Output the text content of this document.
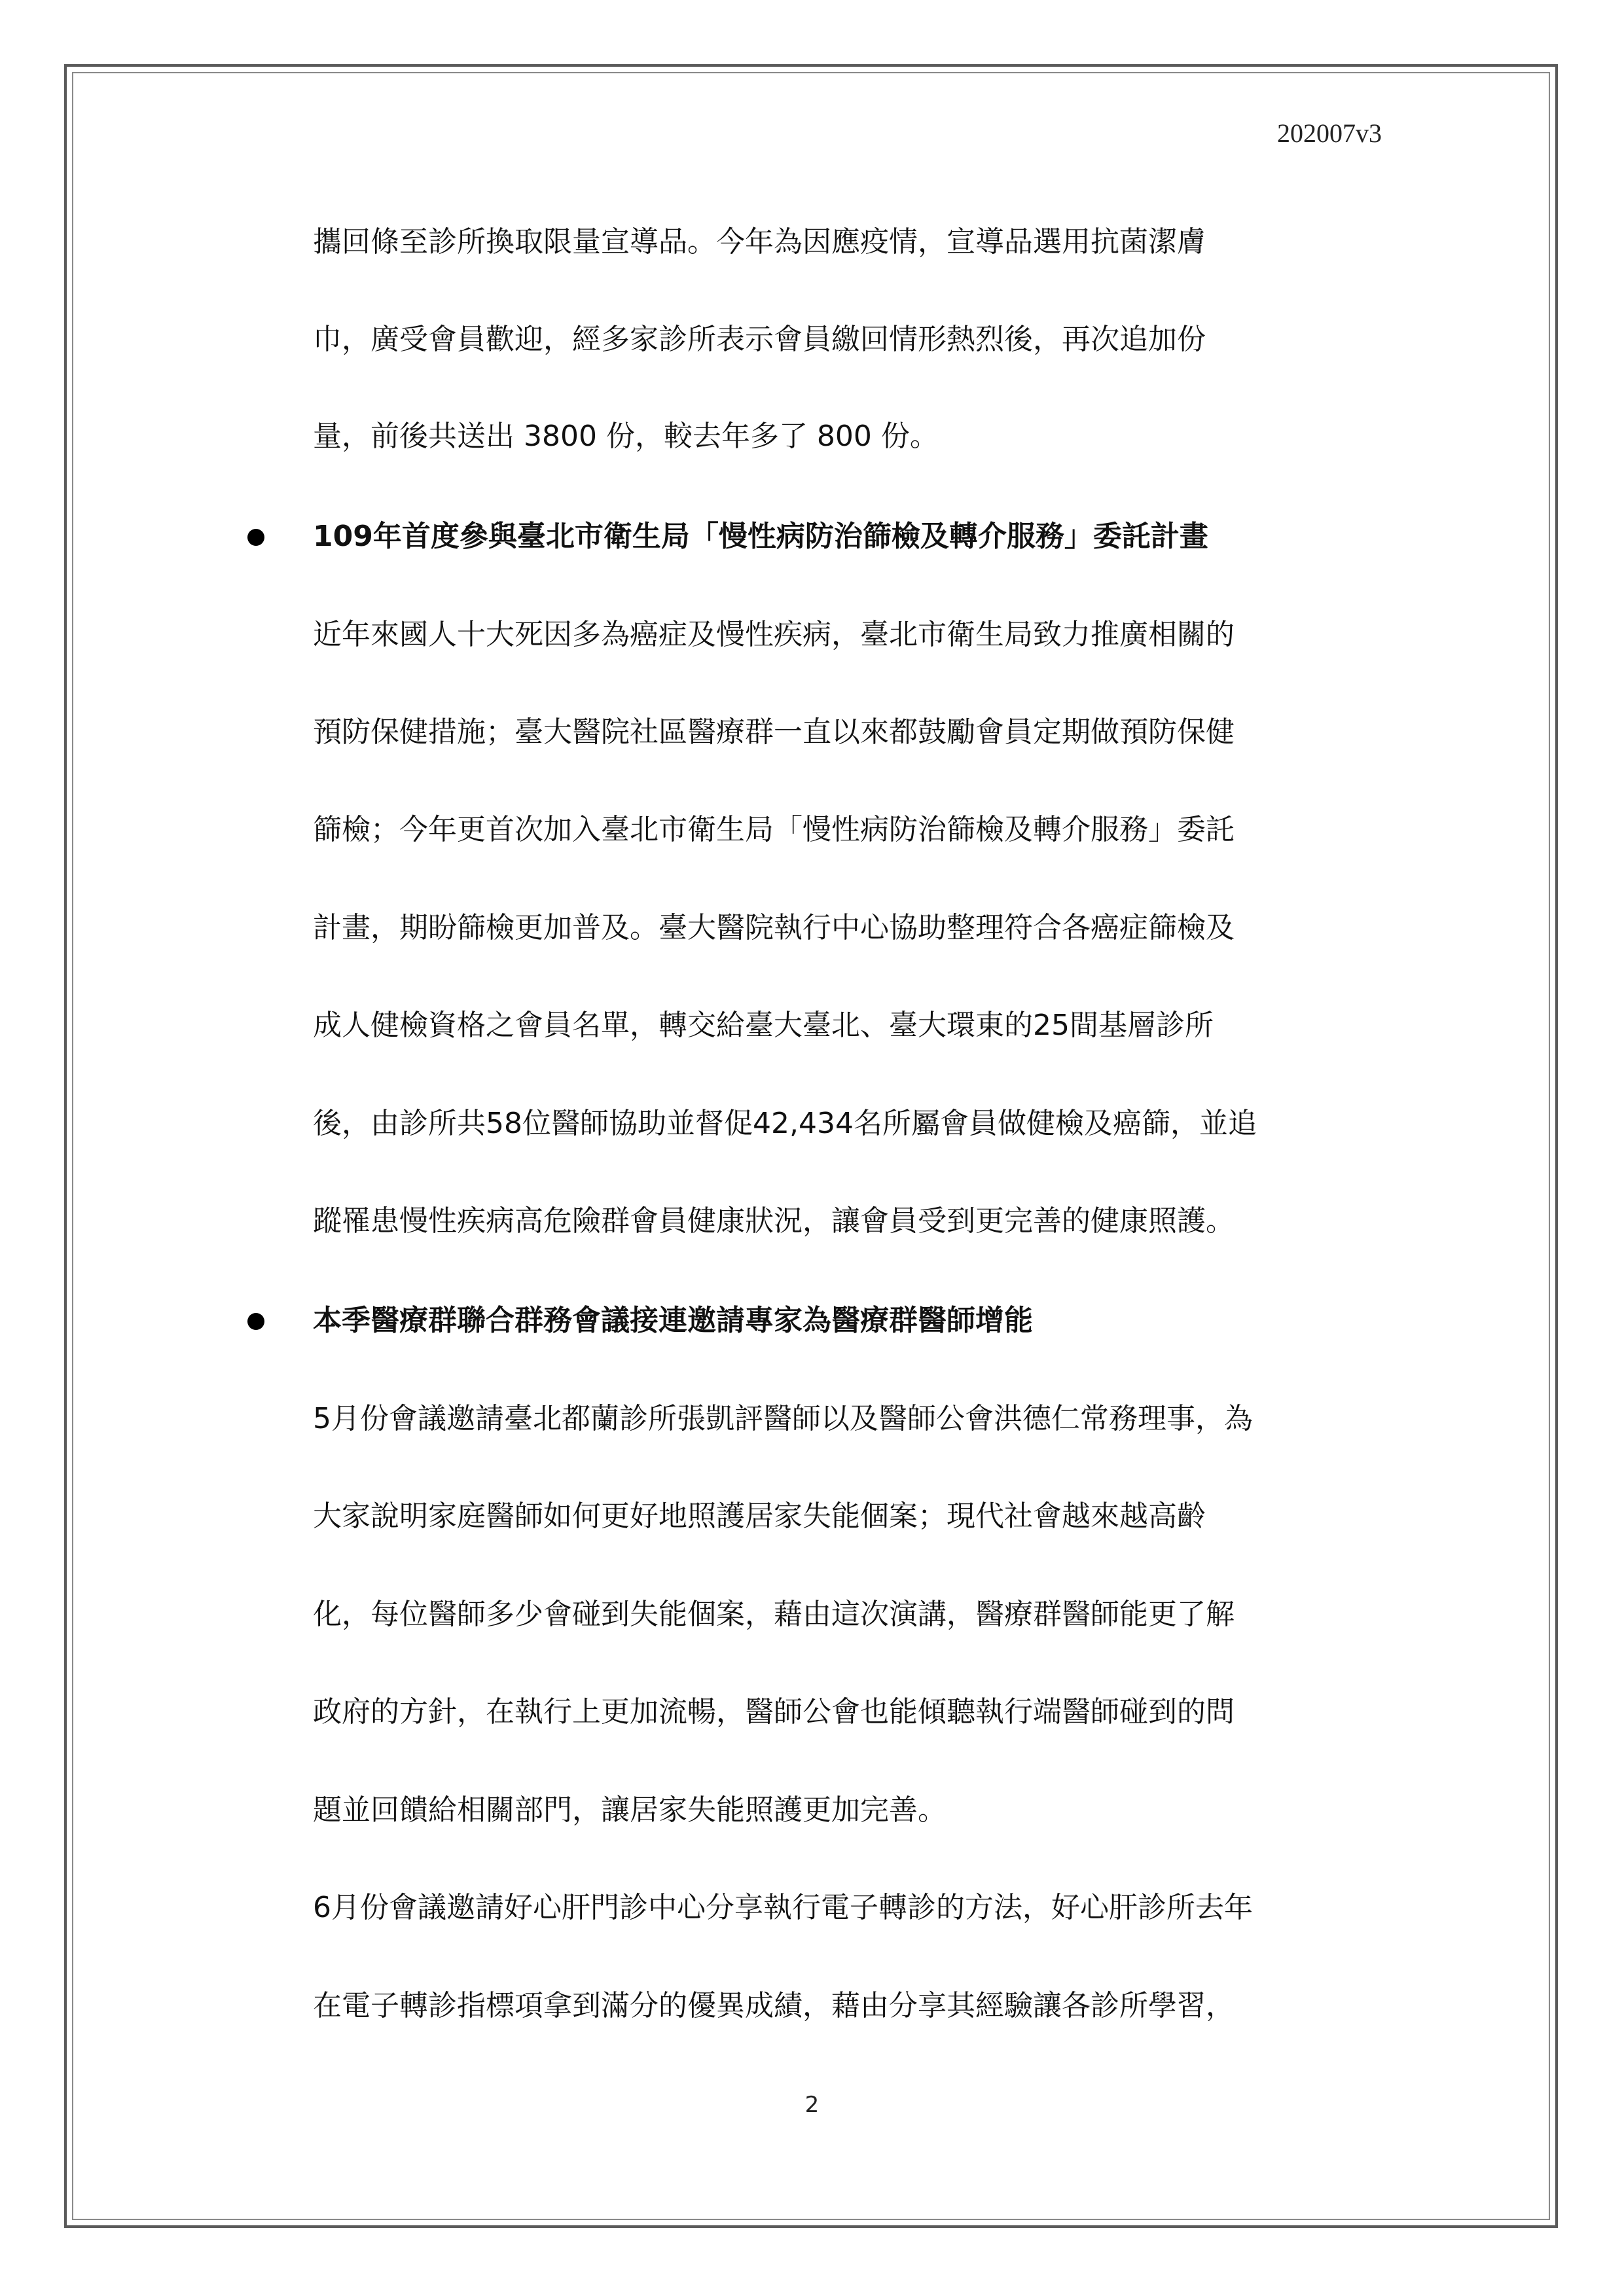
202007v3
攜回條至診所換取限量宣導品。今年為因應疫情，宣導品選用抗菌潔膚
巾，廣受會員歡迎，經多家診所表示會員繳回情形熱烈後，再次追加份
量，前後共送出 3800 份，較去年多了 800 份。
109年首度參與臺北市衛生局「慢性病防治篩檢及轉介服務」委託計畫
近年來國人十大死因多為癌症及慢性疾病，臺北市衛生局致力推廣相關的
預防保健措施；臺大醫院社區醫療群一直以來都鼓勵會員定期做預防保健
篩檢；今年更首次加入臺北市衛生局「慢性病防治篩檢及轉介服務」委託
計畫，期盼篩檢更加普及。臺大醫院執行中心協助整理符合各癌症篩檢及
成人健檢資格之會員名單，轉交給臺大臺北、臺大環東的25間基層診所
後，由診所共58位醫師協助並督促42,434名所屬會員做健檢及癌篩，並追
蹤罹患慢性疾病高危險群會員健康狀況，讓會員受到更完善的健康照護。
本季醫療群聯合群務會議接連邀請專家為醫療群醫師增能
5月份會議邀請臺北都蘭診所張凱評醫師以及醫師公會洪德仁常務理事，為
大家說明家庭醫師如何更好地照護居家失能個案；現代社會越來越高齡
化，每位醫師多少會碰到失能個案，藉由這次演講，醫療群醫師能更了解
政府的方針，在執行上更加流暢，醫師公會也能傾聽執行端醫師碰到的問
題並回饋給相關部門，讓居家失能照護更加完善。
6月份會議邀請好心肝門診中心分享執行電子轉診的方法，好心肝診所去年
在電子轉診指標項拿到滿分的優異成績，藉由分享其經驗讓各診所學習，
2
